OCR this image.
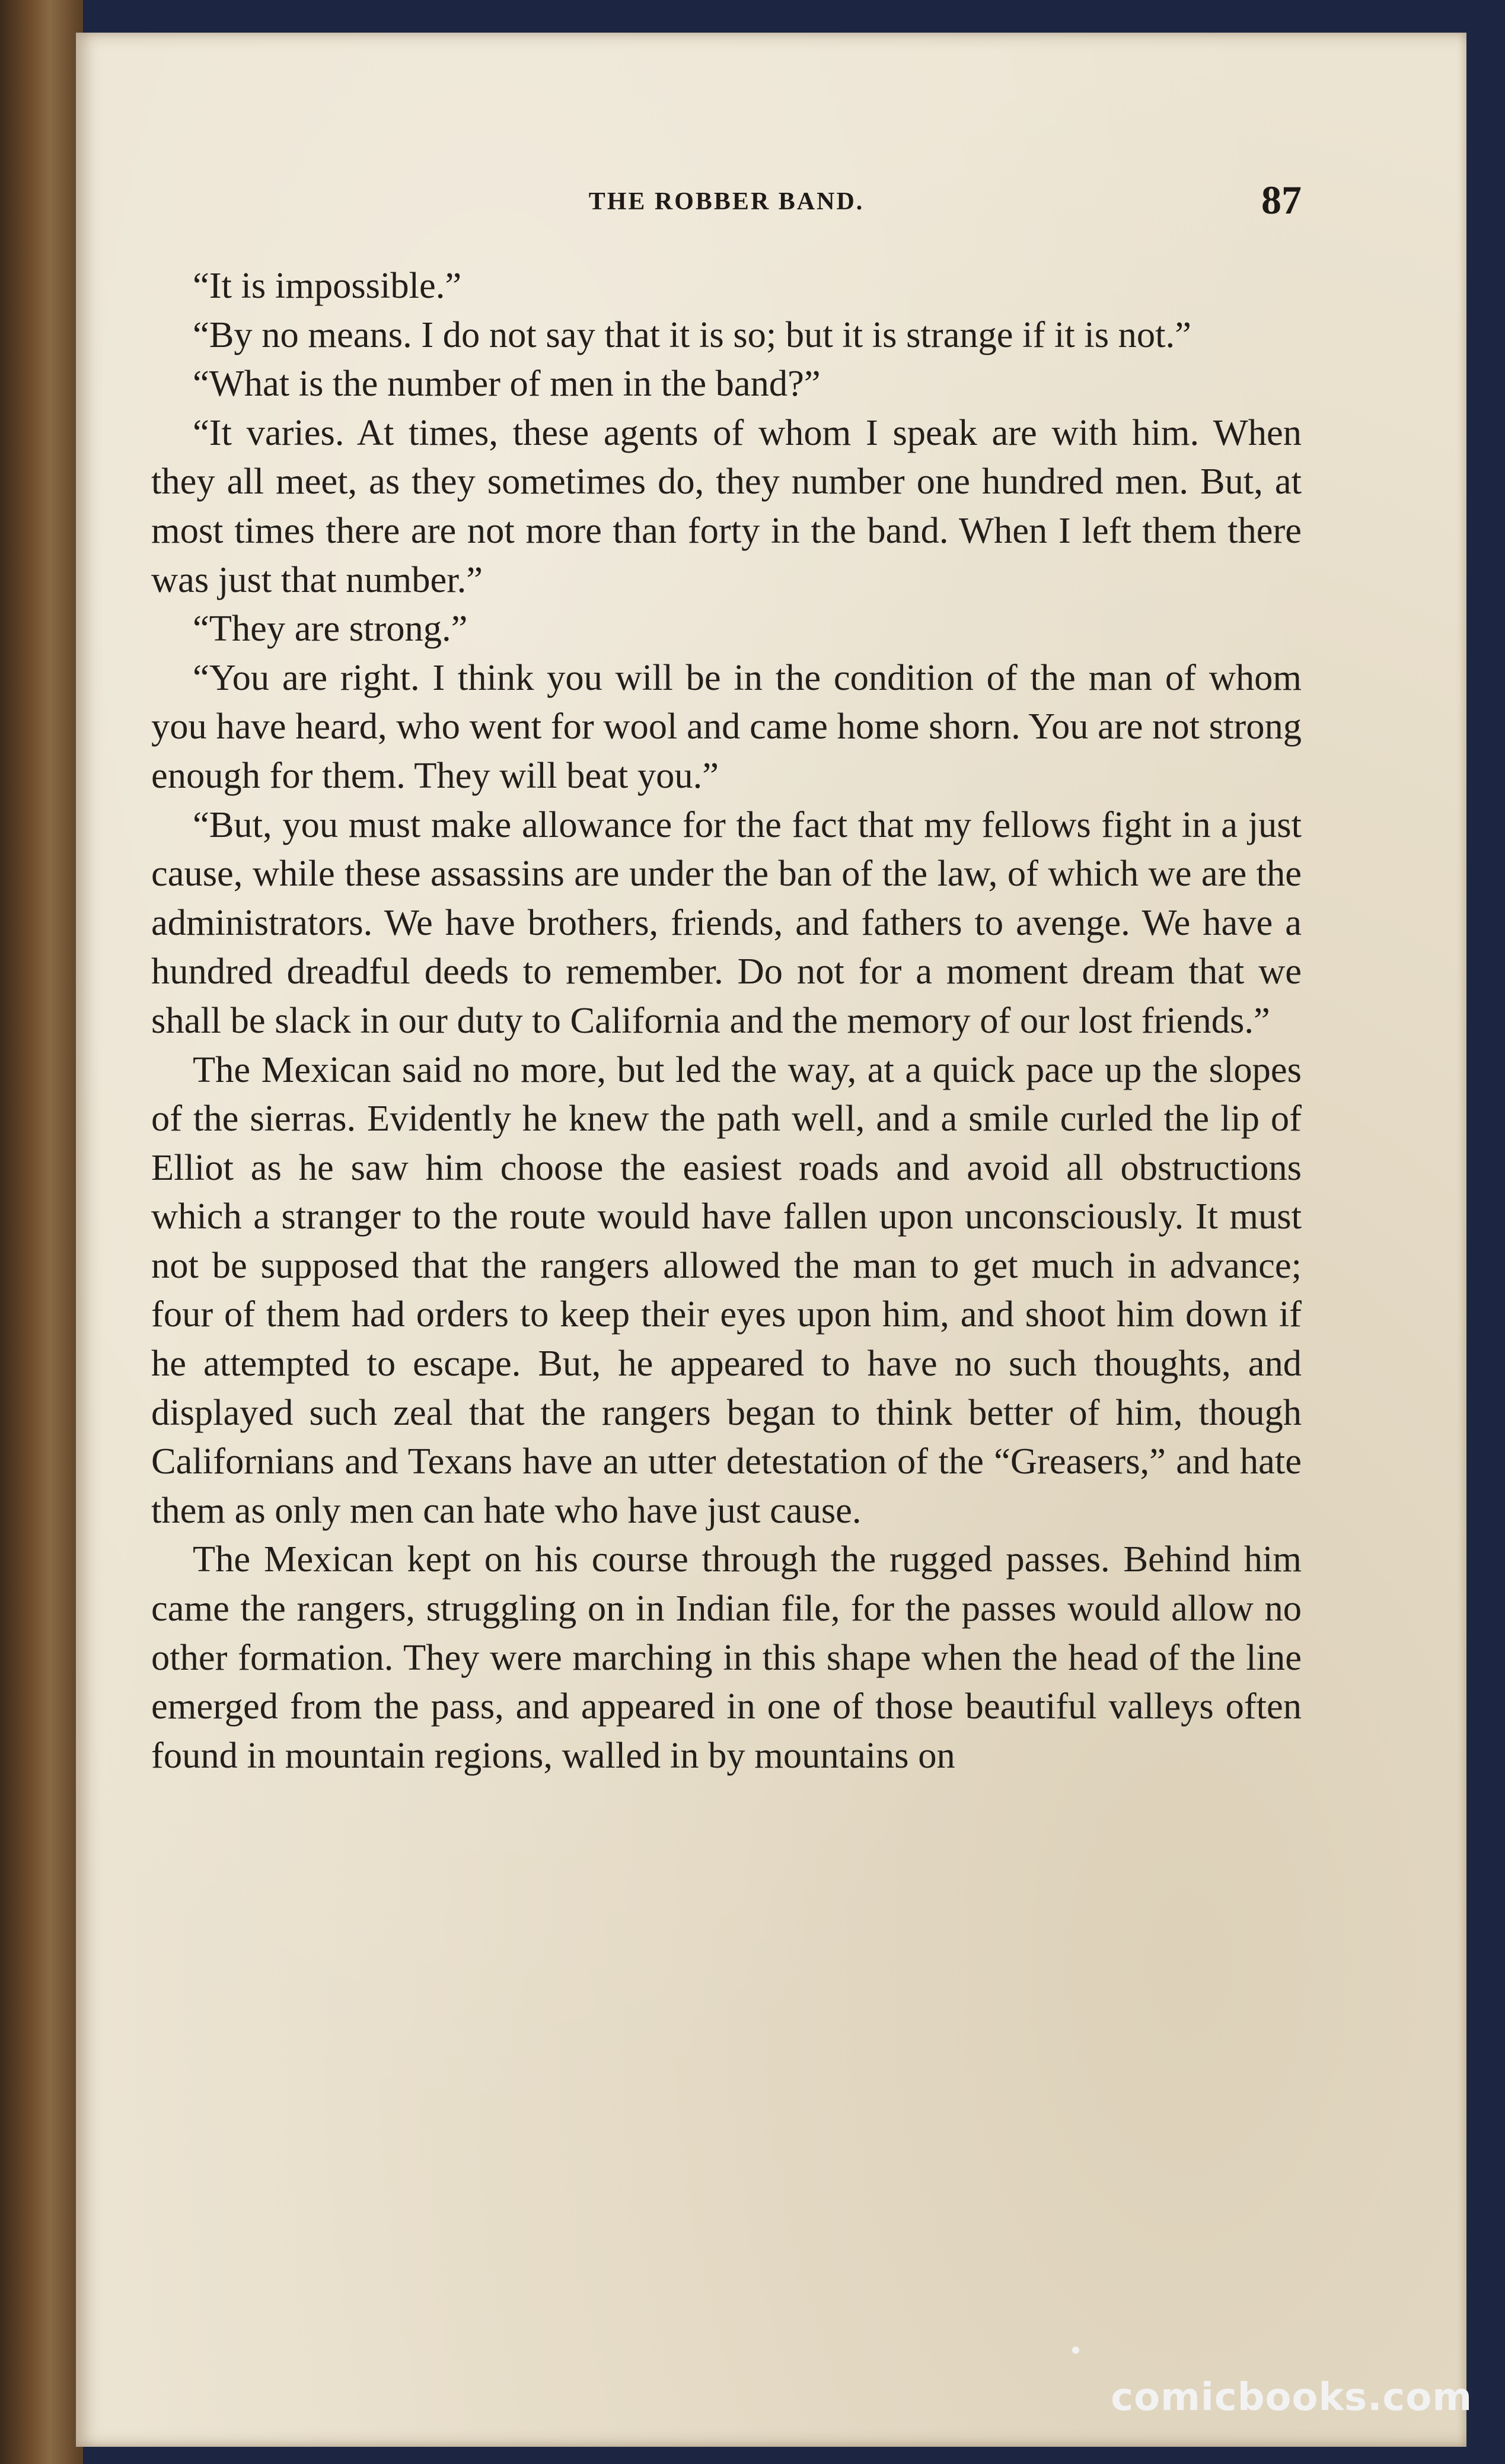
THE ROBBER BAND.	87

“It is impossible.”

“By no means. I do not say that it is so; but it is strange if it is not.”

“What is the number of men in the band?”

“It varies. At times, these agents of whom I speak are with him. When they all meet, as they sometimes do, they number one hundred men. But, at most times there are not more than forty in the band. When I left them there was just that number.”

“They are strong.”

“You are right. I think you will be in the condition of the man of whom you have heard, who went for wool and came home shorn. You are not strong enough for them. They will beat you.”

“But, you must make allowance for the fact that my fellows fight in a just cause, while these assassins are under the ban of the law, of which we are the administrators. We have brothers, friends, and fathers to avenge. We have a hundred dreadful deeds to remember. Do not for a moment dream that we shall be slack in our duty to California and the memory of our lost friends.”

The Mexican said no more, but led the way, at a quick pace up the slopes of the sierras. Evidently he knew the path well, and a smile curled the lip of Elliot as he saw him choose the easiest roads and avoid all obstructions which a stranger to the route would have fallen upon unconsciously. It must not be supposed that the rangers allowed the man to get much in advance; four of them had orders to keep their eyes upon him, and shoot him down if he attempted to escape. But, he appeared to have no such thoughts, and displayed such zeal that the rangers began to think better of him, though Californians and Texans have an utter detestation of the “Greasers,” and hate them as only men can hate who have just cause.

The Mexican kept on his course through the rugged passes. Behind him came the rangers, struggling on in Indian file, for the passes would allow no other formation. They were marching in this shape when the head of the line emerged from the pass, and appeared in one of those beautiful valleys often found in mountain regions, walled in by mountains on

comicbooks.com
